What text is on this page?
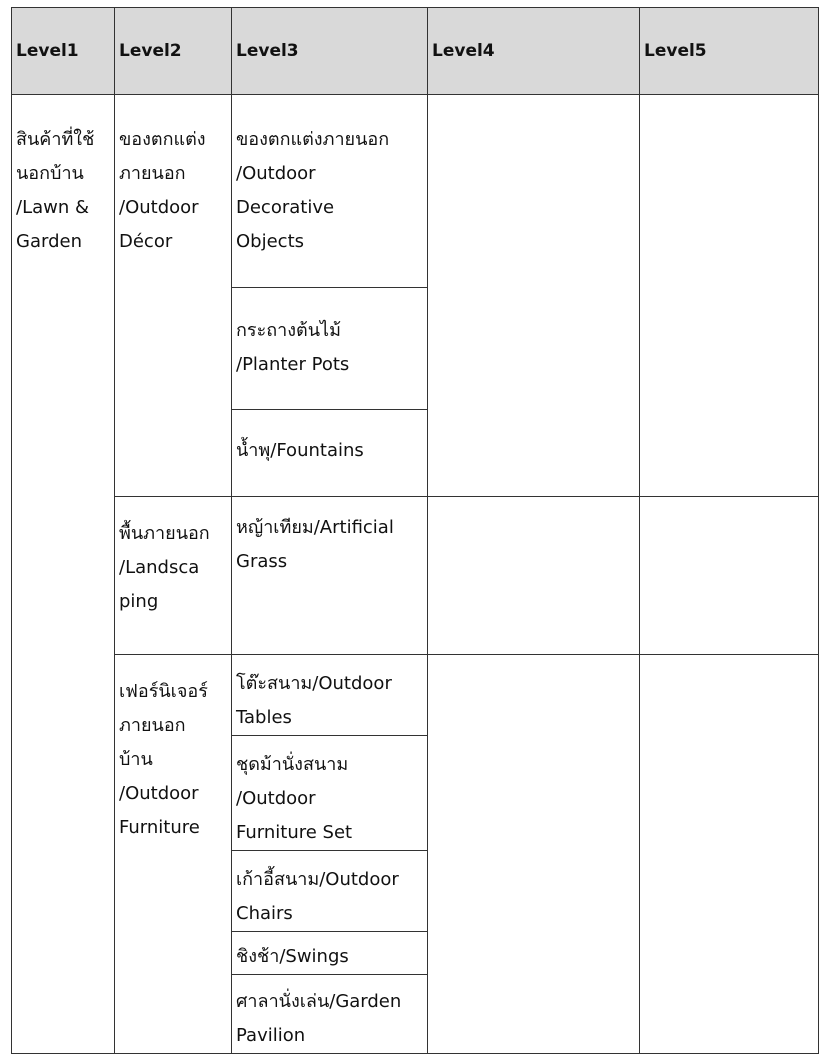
Level1	Level2	Level3	Level4	Level5

สินค้าที่ใช้
นอกบ้าน
/Lawn &
Garden	ของตกแต่ง
ภายนอก
/Outdoor
Décor	ของตกแต่งภายนอก
/Outdoor
Decorative
Objects		

		กระถางต้นไม้
/Planter Pots		

		น้ำพุ/Fountains		

	พื้นภายนอก
/Landsca
ping	หญ้าเทียม/Artificial
Grass		

	เฟอร์นิเจอร์
ภายนอก
บ้าน
/Outdoor
Furniture	โต๊ะสนาม/Outdoor
Tables		

		ชุดม้านั่งสนาม
/Outdoor
Furniture Set		

		เก้าอี้สนาม/Outdoor
Chairs		

		ชิงช้า/Swings		

		ศาลานั่งเล่น/Garden
Pavilion		
